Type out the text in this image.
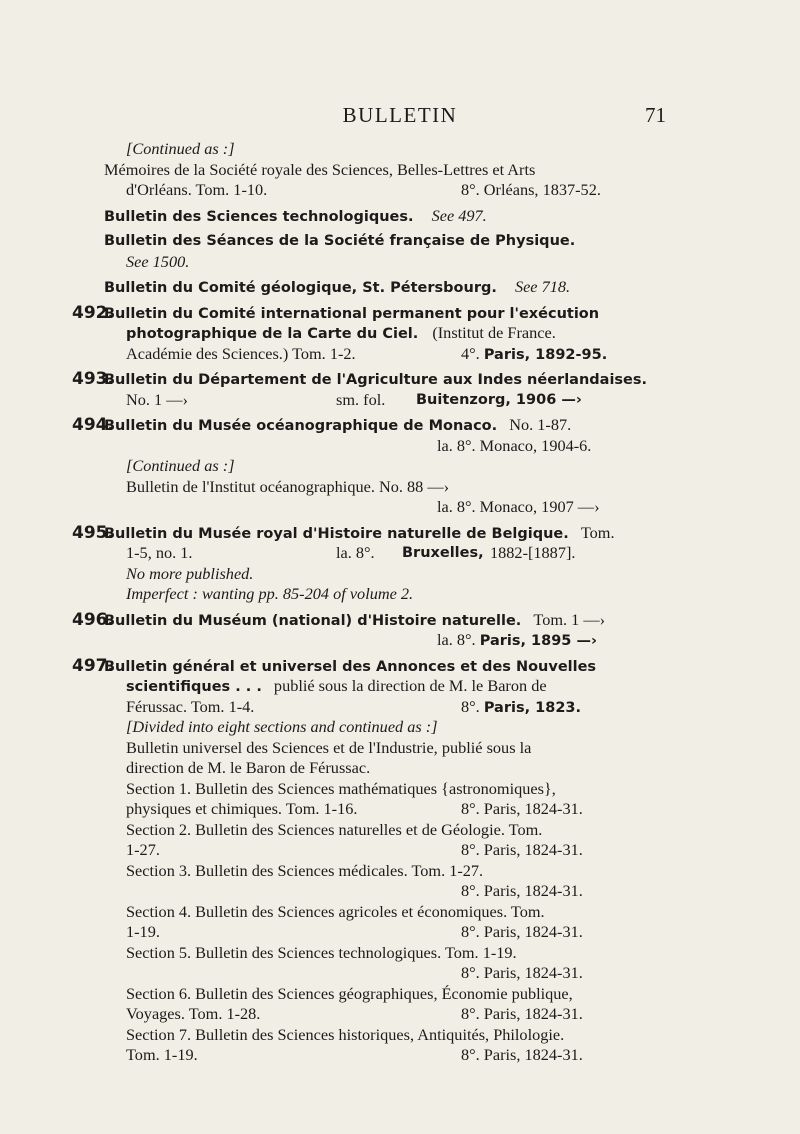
BULLETIN	71
[Continued as :]
Mémoires de la Société royale des Sciences, Belles-Lettres et Arts
d'Orléans. Tom. 1-10.	8°. Orléans, 1837-52.
Bulletin des Sciences technologiques. See 497.
Bulletin des Séances de la Société française de Physique.
See 1500.
Bulletin du Comité géologique, St. Pétersbourg. See 718.
492.
Bulletin du Comité international permanent pour l'exécution
photographique de la Carte du Ciel. (Institut de France.
Académie des Sciences.) Tom. 1-2.	4°. Paris, 1892-95.
493.
Bulletin du Département de l'Agriculture aux Indes néerlandaises.
No. 1 —›	sm. fol. Buitenzorg, 1906 —›
494.
Bulletin du Musée océanographique de Monaco. No. 1-87.
la. 8°. Monaco, 1904-6.
[Continued as :]
Bulletin de l'Institut océanographique. No. 88 —›
la. 8°. Monaco, 1907 —›
495.
Bulletin du Musée royal d'Histoire naturelle de Belgique. Tom.
1-5, no. 1.	la. 8°. Bruxelles, 1882-[1887].
No more published.
Imperfect : wanting pp. 85-204 of volume 2.
496.
Bulletin du Muséum (national) d'Histoire naturelle. Tom. 1 —›
la. 8°. Paris, 1895 —›
497.
Bulletin général et universel des Annonces et des Nouvelles
scientifiques . . . publié sous la direction de M. le Baron de
Férussac. Tom. 1-4.	8°. Paris, 1823.
[Divided into eight sections and continued as :]
Bulletin universel des Sciences et de l'Industrie, publié sous la
direction de M. le Baron de Férussac.
Section 1. Bulletin des Sciences mathématiques {astronomiques},
physiques et chimiques. Tom. 1-16.	8°. Paris, 1824-31.
Section 2. Bulletin des Sciences naturelles et de Géologie. Tom.
1-27.	8°. Paris, 1824-31.
Section 3. Bulletin des Sciences médicales. Tom. 1-27.
8°. Paris, 1824-31.
Section 4. Bulletin des Sciences agricoles et économiques. Tom.
1-19.	8°. Paris, 1824-31.
Section 5. Bulletin des Sciences technologiques. Tom. 1-19.
8°. Paris, 1824-31.
Section 6. Bulletin des Sciences géographiques, Économie publique,
Voyages. Tom. 1-28.	8°. Paris, 1824-31.
Section 7. Bulletin des Sciences historiques, Antiquités, Philologie.
Tom. 1-19.	8°. Paris, 1824-31.
